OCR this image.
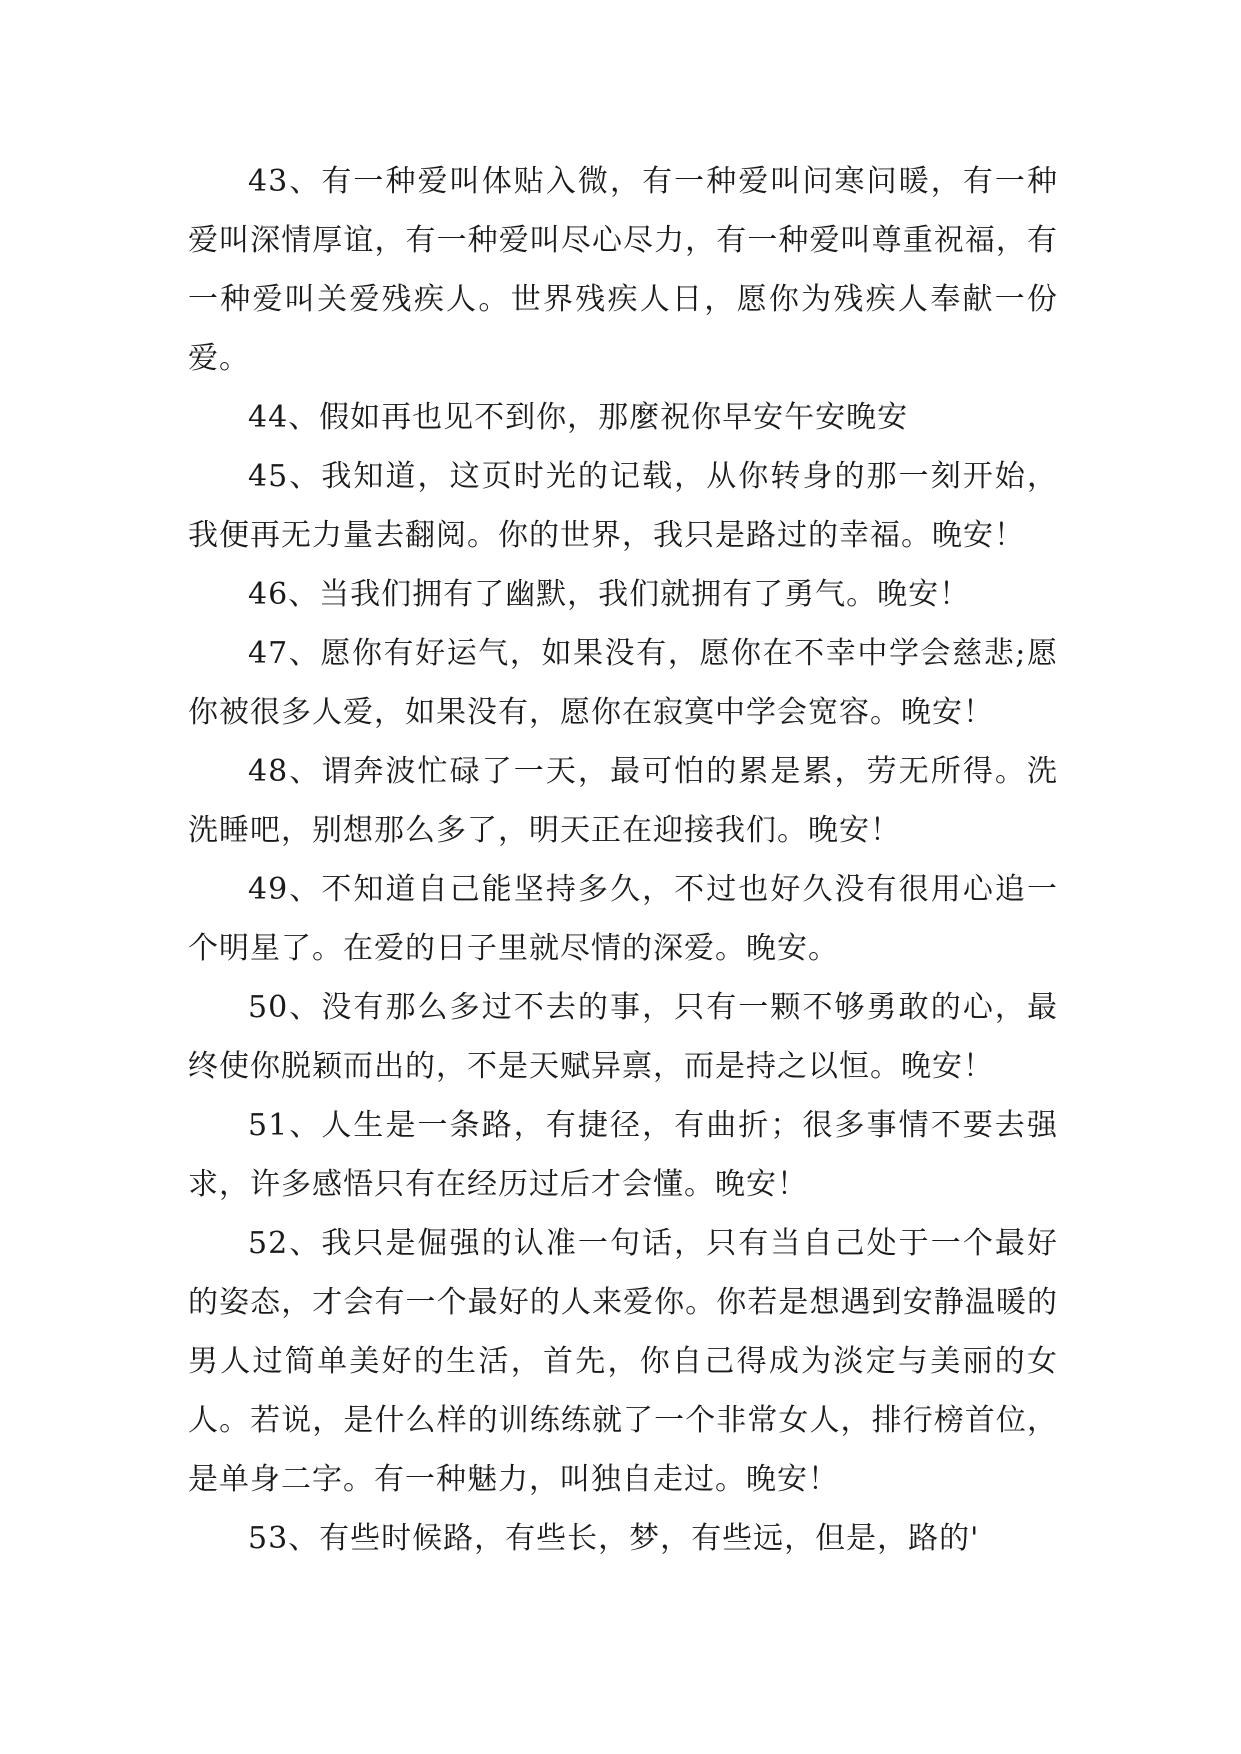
43、有一种爱叫体贴入微，有一种爱叫问寒问暖，有一种爱叫深情厚谊，有一种爱叫尽心尽力，有一种爱叫尊重祝福，有一种爱叫关爱残疾人。世界残疾人日，愿你为残疾人奉献一份爱。

44、假如再也见不到你，那麼祝你早安午安晚安

45、我知道，这页时光的记载，从你转身的那一刻开始，我便再无力量去翻阅。你的世界，我只是路过的幸福。晚安！

46、当我们拥有了幽默，我们就拥有了勇气。晚安！

47、愿你有好运气，如果没有，愿你在不幸中学会慈悲;愿你被很多人爱，如果没有，愿你在寂寞中学会宽容。晚安！

48、谓奔波忙碌了一天，最可怕的累是累，劳无所得。洗洗睡吧，别想那么多了，明天正在迎接我们。晚安！

49、不知道自己能坚持多久，不过也好久没有很用心追一个明星了。在爱的日子里就尽情的深爱。晚安。

50、没有那么多过不去的事，只有一颗不够勇敢的心，最终使你脱颖而出的，不是天赋异禀，而是持之以恒。晚安！

51、人生是一条路，有捷径，有曲折；很多事情不要去强求，许多感悟只有在经历过后才会懂。晚安！

52、我只是倔强的认准一句话，只有当自己处于一个最好的姿态，才会有一个最好的人来爱你。你若是想遇到安静温暖的男人过简单美好的生活，首先，你自己得成为淡定与美丽的女人。若说，是什么样的训练练就了一个非常女人，排行榜首位，是单身二字。有一种魅力，叫独自走过。晚安！

53、有些时候路，有些长，梦，有些远，但是，路的'
